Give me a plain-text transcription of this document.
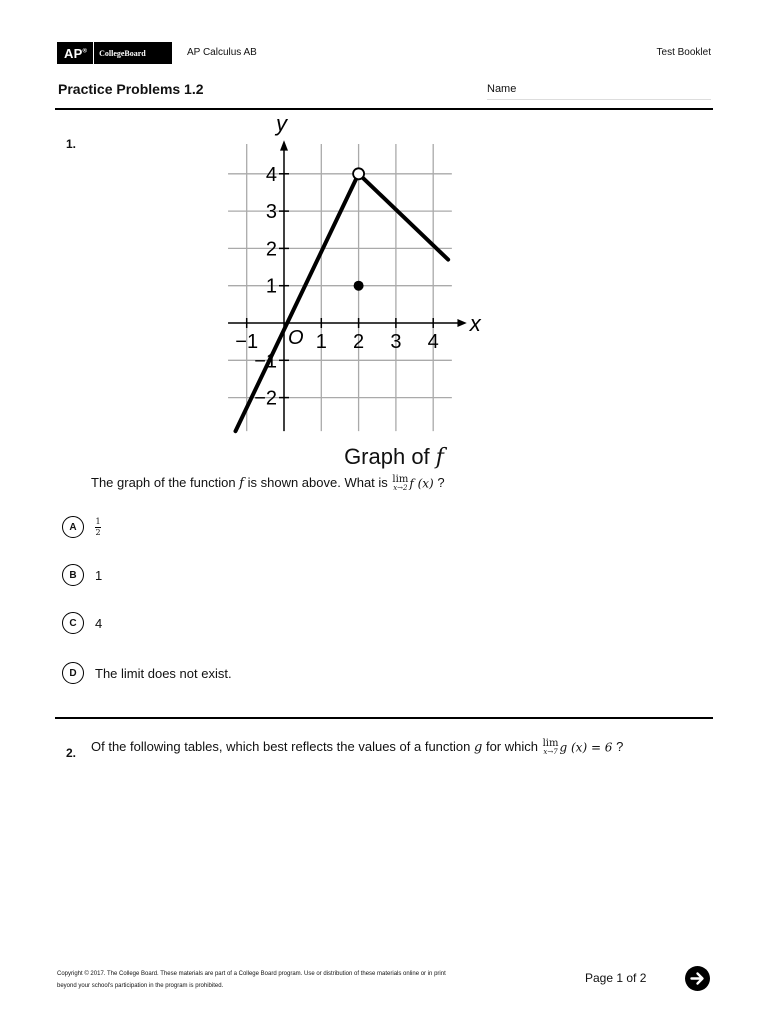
AP®	CollegeBoard	AP Calculus AB	Test Booklet
Practice Problems 1.2	Name
1.
x
y
O
−1	1 2 3 4
4
3
2
1
−1
−2
Graph of f
The graph of the function f is shown above. What is lim
x→2 f (x) ?
A	$\frac{1}{2}$
B	1
C	4
D	The limit does not exist.
2. Of the following tables, which best reflects the values of a function g for which lim
x→7 g (x) = 6 ?
Copyright © 2017. The College Board. These materials are part of a College Board program. Use or distribution of these materials online or in print
beyond your school's participation in the program is prohibited.
Page 1 of 2
